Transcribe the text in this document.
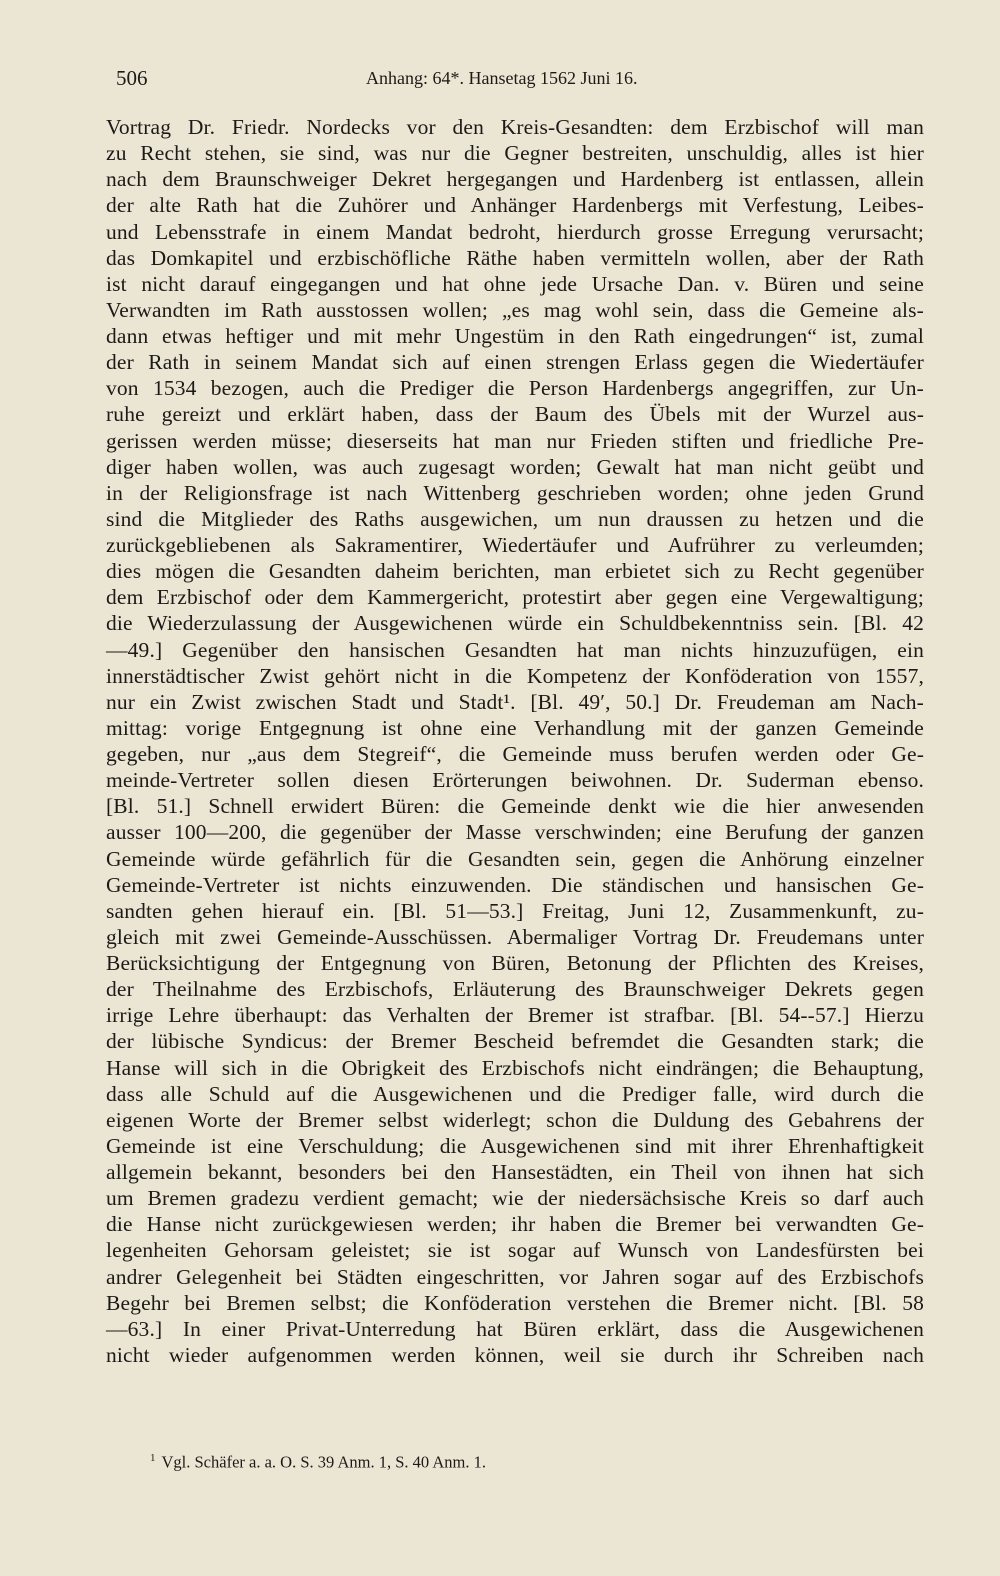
506	Anhang: 64*. Hansetag 1562 Juni 16.
Vortrag Dr. Friedr. Nordecks vor den Kreis-Gesandten: dem Erzbischof will man
zu Recht stehen, sie sind, was nur die Gegner bestreiten, unschuldig, alles ist hier
nach dem Braunschweiger Dekret hergegangen und Hardenberg ist entlassen, allein
der alte Rath hat die Zuhörer und Anhänger Hardenbergs mit Verfestung, Leibes-
und Lebensstrafe in einem Mandat bedroht, hierdurch grosse Erregung verursacht;
das Domkapitel und erzbischöfliche Räthe haben vermitteln wollen, aber der Rath
ist nicht darauf eingegangen und hat ohne jede Ursache Dan. v. Büren und seine
Verwandten im Rath ausstossen wollen; „es mag wohl sein, dass die Gemeine als-
dann etwas heftiger und mit mehr Ungestüm in den Rath eingedrungen“ ist, zumal
der Rath in seinem Mandat sich auf einen strengen Erlass gegen die Wiedertäufer
von 1534 bezogen, auch die Prediger die Person Hardenbergs angegriffen, zur Un-
ruhe gereizt und erklärt haben, dass der Baum des Übels mit der Wurzel aus-
gerissen werden müsse; dieserseits hat man nur Frieden stiften und friedliche Pre-
diger haben wollen, was auch zugesagt worden; Gewalt hat man nicht geübt und
in der Religionsfrage ist nach Wittenberg geschrieben worden; ohne jeden Grund
sind die Mitglieder des Raths ausgewichen, um nun draussen zu hetzen und die
zurückgebliebenen als Sakramentirer, Wiedertäufer und Aufrührer zu verleumden;
dies mögen die Gesandten daheim berichten, man erbietet sich zu Recht gegenüber
dem Erzbischof oder dem Kammergericht, protestirt aber gegen eine Vergewaltigung;
die Wiederzulassung der Ausgewichenen würde ein Schuldbekenntniss sein. [Bl. 42
—49.] Gegenüber den hansischen Gesandten hat man nichts hinzuzufügen, ein
innerstädtischer Zwist gehört nicht in die Kompetenz der Konföderation von 1557,
nur ein Zwist zwischen Stadt und Stadt¹. [Bl. 49′, 50.] Dr. Freudeman am Nach-
mittag: vorige Entgegnung ist ohne eine Verhandlung mit der ganzen Gemeinde
gegeben, nur „aus dem Stegreif“, die Gemeinde muss berufen werden oder Ge-
meinde-Vertreter sollen diesen Erörterungen beiwohnen. Dr. Suderman ebenso.
[Bl. 51.] Schnell erwidert Büren: die Gemeinde denkt wie die hier anwesenden
ausser 100—200, die gegenüber der Masse verschwinden; eine Berufung der ganzen
Gemeinde würde gefährlich für die Gesandten sein, gegen die Anhörung einzelner
Gemeinde-Vertreter ist nichts einzuwenden. Die ständischen und hansischen Ge-
sandten gehen hierauf ein. [Bl. 51—53.] Freitag, Juni 12, Zusammenkunft, zu-
gleich mit zwei Gemeinde-Ausschüssen. Abermaliger Vortrag Dr. Freudemans unter
Berücksichtigung der Entgegnung von Büren, Betonung der Pflichten des Kreises,
der Theilnahme des Erzbischofs, Erläuterung des Braunschweiger Dekrets gegen
irrige Lehre überhaupt: das Verhalten der Bremer ist strafbar. [Bl. 54--57.] Hierzu
der lübische Syndicus: der Bremer Bescheid befremdet die Gesandten stark; die
Hanse will sich in die Obrigkeit des Erzbischofs nicht eindrängen; die Behauptung,
dass alle Schuld auf die Ausgewichenen und die Prediger falle, wird durch die
eigenen Worte der Bremer selbst widerlegt; schon die Duldung des Gebahrens der
Gemeinde ist eine Verschuldung; die Ausgewichenen sind mit ihrer Ehrenhaftigkeit
allgemein bekannt, besonders bei den Hansestädten, ein Theil von ihnen hat sich
um Bremen gradezu verdient gemacht; wie der niedersächsische Kreis so darf auch
die Hanse nicht zurückgewiesen werden; ihr haben die Bremer bei verwandten Ge-
legenheiten Gehorsam geleistet; sie ist sogar auf Wunsch von Landesfürsten bei
andrer Gelegenheit bei Städten eingeschritten, vor Jahren sogar auf des Erzbischofs
Begehr bei Bremen selbst; die Konföderation verstehen die Bremer nicht. [Bl. 58
—63.] In einer Privat-Unterredung hat Büren erklärt, dass die Ausgewichenen
nicht wieder aufgenommen werden können, weil sie durch ihr Schreiben nach
$^1$ Vgl. Schäfer a. a. O. S. 39 Anm. 1, S. 40 Anm. 1.
